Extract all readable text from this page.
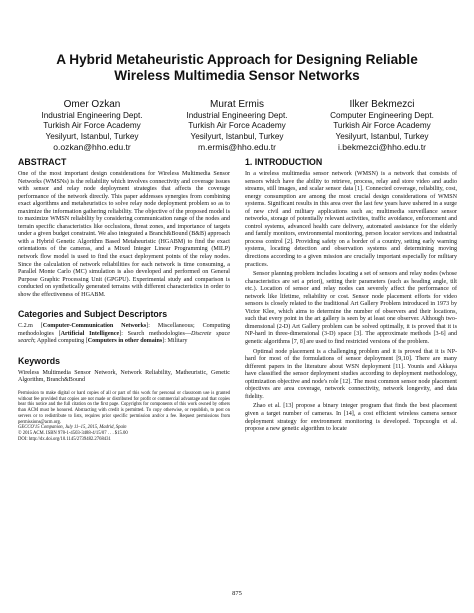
A Hybrid Metaheuristic Approach for Designing Reliable
Wireless Multimedia Sensor Networks
Omer Ozkan
Industrial Engineering Dept.
Turkish Air Force Academy
Yesilyurt, Istanbul, Turkey
o.ozkan@hho.edu.tr
Murat Ermis
Industrial Engineering Dept.
Turkish Air Force Academy
Yesilyurt, Istanbul, Turkey
m.ermis@hho.edu.tr
Ilker Bekmezci
Computer Engineering Dept.
Turkish Air Force Academy
Yesilyurt, Istanbul, Turkey
i.bekmezci@hho.edu.tr
ABSTRACT

One of the most important design considerations for Wireless Multimedia Sensor Networks (WMSNs) is the reliability which involves connectivity and coverage issues with sensor and relay node deployment strategies that affects the coverage performance of the network directly. This paper addresses synergies from combining exact algorithms and metaheuristics to solve relay node deployment problem so as to maximize the information gathering reliability. The objective of the proposed model is to maximize WMSN reliability by considering communication range of the nodes and terrain specific characteristics like occlusions, threat zones, and importance of targets under a given budget constraint. We also integrated a Branch&Bound (B&B) approach with a Hybrid Genetic Algorithm Based Metaheuristic (HGABM) to find the exact orientations of the cameras, and a Mixed Integer Linear Programming (MILP) network flow model is used to find the exact deployment points of the relay nodes. Since the calculation of network reliabilities for each network is time consuming, a Parallel Monte Carlo (MC) simulation is also developed and performed on General Purpose Graphic Processing Unit (GPGPU). Experimental study and comparison is conducted on synthetically generated terrains with different characteristics in order to show the effectiveness of HGABM.

Categories and Subject Descriptors

C.2.m [Computer-Communication Networks]: Miscellaneous; Computing methodologies [Artificial Intelligence]: Search methodologies—Discrete space search; Applied computing [Computers in other domains]: Military

Keywords

Wireless Multimedia Sensor Network, Network Reliability, Matheuristic, Genetic Algorithm, Branch&Bound

Permission to make digital or hard copies of all or part of this work for personal or classroom use is granted without fee provided that copies are not made or distributed for profit or commercial advantage and that copies bear this notice and the full citation on the first page. Copyrights for components of this work owned by others than ACM must be honored. Abstracting with credit is permitted. To copy otherwise, or republish, to post on servers or to redistribute to lists, requires prior specific permission and/or a fee. Request permissions from permissions@acm.org.
GECCO'15 Companion, July 11–15, 2015, Madrid, Spain
© 2015 ACM. ISBN 978-1-4503-3488-4/15/07 . . . $15.00
DOI: http://dx.doi.org/10.1145/2739482.2768431
1. INTRODUCTION

In a wireless multimedia sensor network (WMSN) is a network that consists of sensors which have the ability to retrieve, process, relay and store video and audio streams, still images, and scalar sensor data [1]. Connected coverage, reliability, cost, energy consumption are among the most crucial design considerations of WMSN systems. Significant results in this area over the last few years have ushered in a surge of new civil and military applications such as; multimedia surveillance sensor networks, storage of potentially relevant activities, traffic avoidance, enforcement and control systems, advanced health care delivery, automated assistance for the elderly and family monitors, environmental monitoring, person locator services and industrial process control [2]. Providing safety on a border of a country, setting early warning systems, locating detection and observation systems and determining moving directions according to a given mission are crucially important especially for military practices.

Sensor planning problem includes locating a set of sensors and relay nodes (whose characteristics are set a priori), setting their parameters (such as heading angle, tilt etc.). Location of sensor and relay nodes can severely affect the performance of network like lifetime, reliability or cost. Sensor node placement efforts for video sensors is closely related to the traditional Art Gallery Problem introduced in 1973 by Victor Klee, which aims to determine the number of observers and their locations, such that every point in the art gallery is seen by at least one observer. Although two-dimensional (2-D) Art Gallery problem can be solved optimally, it is proved that it is NP-hard in three-dimensional (3-D) space [3]. The approximate methods [3-6] and genetic algorithms [7, 8] are used to find restricted versions of the problem.

Optimal node placement is a challenging problem and it is proved that it is NP-hard for most of the formulations of sensor deployment [9,10]. There are many different papers in the literature about WSN deployment [11]. Younis and Akkaya have classified the sensor deployment studies according to deployment methodology, optimization objective and node's role [12]. The most common sensor node placement objectives are area coverage, network connectivity, network longevity, and data fidelity.

Zhao et al. [13] propose a binary integer program that finds the best placement given a target number of cameras. In [14], a cost efficient wireless camera sensor deployment strategy for environment monitoring is developed. Topcuoglu et al. propose a new genetic algorithm to locate

875
